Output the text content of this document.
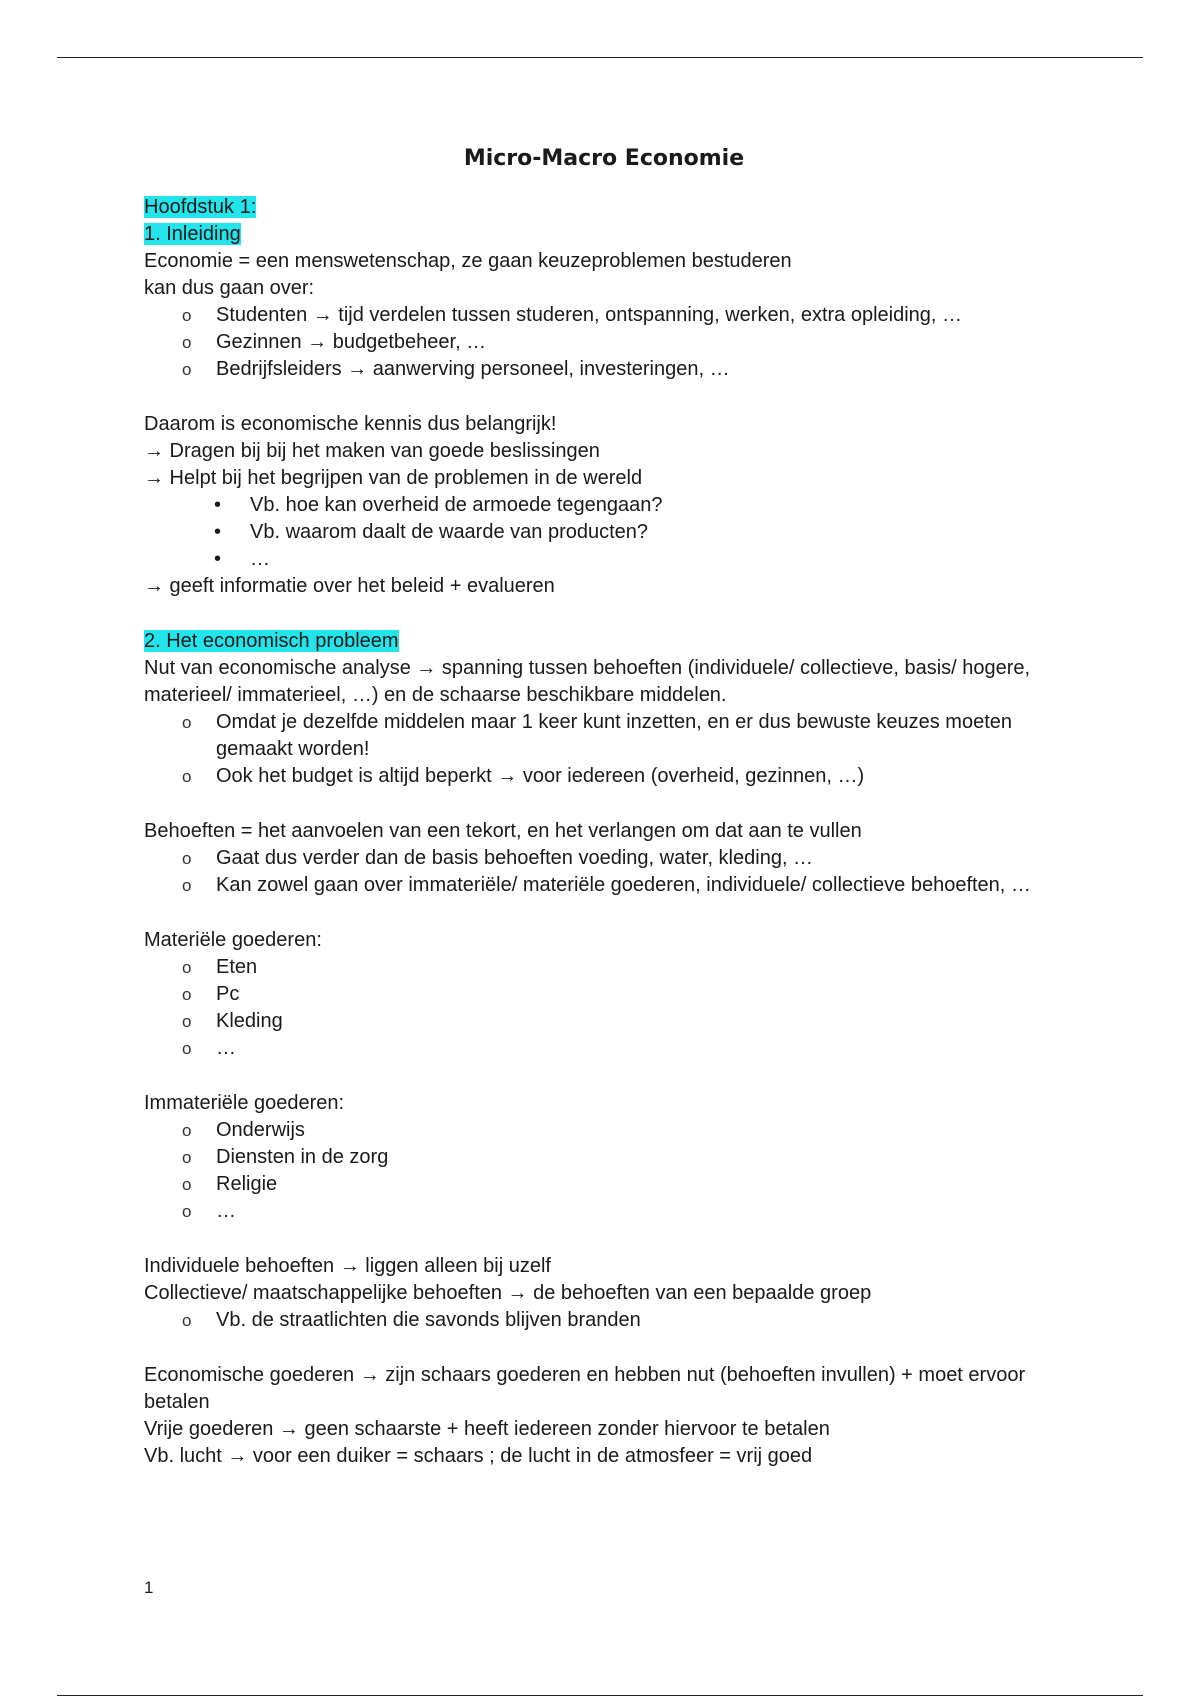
Micro-Macro Economie

Hoofdstuk 1:

1. Inleiding

Economie = een menswetenschap, ze gaan keuzeproblemen bestuderen

kan dus gaan over:

o Studenten → tijd verdelen tussen studeren, ontspanning, werken, extra opleiding, …
o Gezinnen → budgetbeheer, …
o Bedrijfsleiders → aanwerving personeel, investeringen, …

Daarom is economische kennis dus belangrijk!

→ Dragen bij bij het maken van goede beslissingen

→ Helpt bij het begrijpen van de problemen in de wereld

• Vb. hoe kan overheid de armoede tegengaan?
• Vb. waarom daalt de waarde van producten?
• …

→ geeft informatie over het beleid + evalueren

2. Het economisch probleem

Nut van economische analyse → spanning tussen behoeften (individuele/ collectieve, basis/ hogere, materieel/ immaterieel, …) en de schaarse beschikbare middelen.

o Omdat je dezelfde middelen maar 1 keer kunt inzetten, en er dus bewuste keuzes moeten gemaakt worden!
o Ook het budget is altijd beperkt → voor iedereen (overheid, gezinnen, …)

Behoeften = het aanvoelen van een tekort, en het verlangen om dat aan te vullen

o Gaat dus verder dan de basis behoeften voeding, water, kleding, …
o Kan zowel gaan over immateriële/ materiële goederen, individuele/ collectieve behoeften, …

Materiële goederen:

o Eten
o Pc
o Kleding
o …

Immateriële goederen:

o Onderwijs
o Diensten in de zorg
o Religie
o …

Individuele behoeften → liggen alleen bij uzelf

Collectieve/ maatschappelijke behoeften → de behoeften van een bepaalde groep

o Vb. de straatlichten die savonds blijven branden

Economische goederen → zijn schaars goederen en hebben nut (behoeften invullen) + moet ervoor betalen

Vrije goederen → geen schaarste + heeft iedereen zonder hiervoor te betalen

Vb. lucht → voor een duiker = schaars ; de lucht in de atmosfeer = vrij goed

1
